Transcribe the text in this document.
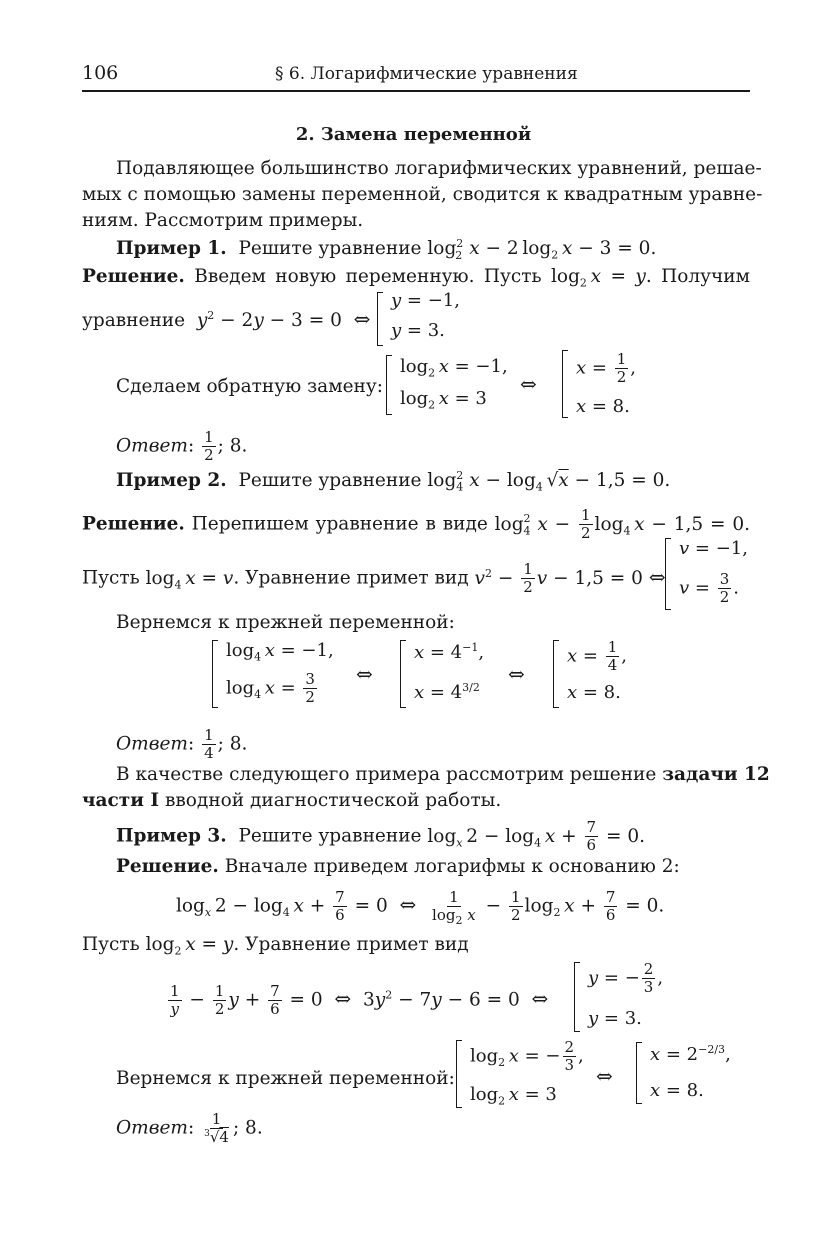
106	§ 6. Логарифмические уравнения
2. Замена переменной
Подавляющее большинство логарифмических уравнений, решае-
мых с помощью замены переменной, сводится к квадратным уравне-
ниям. Рассмотрим примеры.
Пример 1. Решите уравнение $\log_2^2 x - 2$ $\log_2 x - 3 = 0$.
Решение. Введем новую переменную. Пусть $\log_2 x = y$. Получим
уравнение $y^2 - 2y - 3 = 0$  ⇔
y = −1,
y = 3.
Сделаем обратную замену:
$\log_2 x = -1$,
$\log_2 x = 3$
⇔
$x = \frac{1}{2}$ ,
x = 8.
Ответ: $\frac{1}{2}$ ; 8.
Пример 2. Решите уравнение $\log_4^2 x - \log_4 √x - 1,5 = 0$.
Решение. Перепишем уравнение в виде $\log_4^2 x - \frac{1}{2} \log_4 x - 1,5 = 0$.
Пусть $\log_4 x = v$. Уравнение примет вид $v^2 - \frac{1}{2}$ v − 1,5 = 0 ⇔
v = −1,
$v = \frac{3}{2}$ .
Вернемся к прежней переменной:
$\log_4 x = -1$,
$\log_4 x = \frac{3}{2}$ ⇔
$x = 4^{-1}$,
$x = 4^{3/2}$
⇔
$x = \frac{1}{4}$ ,
x = 8.
Ответ: $\frac{1}{4}$ ; 8.
В качестве следующего примера рассмотрим решение задачи 12
части I вводной диагностической работы.
Пример 3. Решите уравнение $\log_x 2 - \log_4 x + \frac{7}{6} = 0$.
Решение. Вначале приведем логарифмы к основанию 2:
$\log_x 2 - \log_4 x + \frac{7}{6} = 0$  ⇔ $\frac{1}{\log_2 x} - \frac{1}{2} \log_2 x + \frac{7}{6} = 0$.
Пусть $\log_2 x = y$. Уравнение примет вид
$\frac{1}{y} - \frac{1}{2}$ $y + \frac{7}{6} = 0$  ⇔  $3y^2 - 7y - 6 = 0$  ⇔
y = − $\frac{2}{3}$ ,
y = 3.
Вернемся к прежней переменной:
$\log_2 x$ = − $\frac{2}{3}$ ,
$\log_2 x = 3$
⇔
$x = 2^{-2/3}$,
x = 8.
Ответ: $\frac{1}{^3√4}$ ; 8.
